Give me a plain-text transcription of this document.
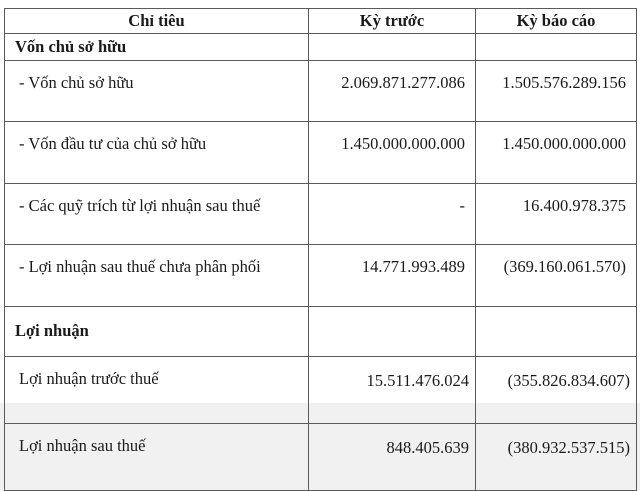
Chỉ tiêu	Kỳ trước	Kỳ báo cáo
Vốn chủ sở hữu		
- Vốn chủ sở hữu	2.069.871.277.086	1.505.576.289.156
- Vốn đầu tư của chủ sở hữu	1.450.000.000.000	1.450.000.000.000
- Các quỹ trích từ lợi nhuận sau thuế	-	16.400.978.375
- Lợi nhuận sau thuế chưa phân phối	14.771.993.489	(369.160.061.570)
Lợi nhuận		
Lợi nhuận trước thuế	15.511.476.024	(355.826.834.607)
Lợi nhuận sau thuế	848.405.639	(380.932.537.515)
